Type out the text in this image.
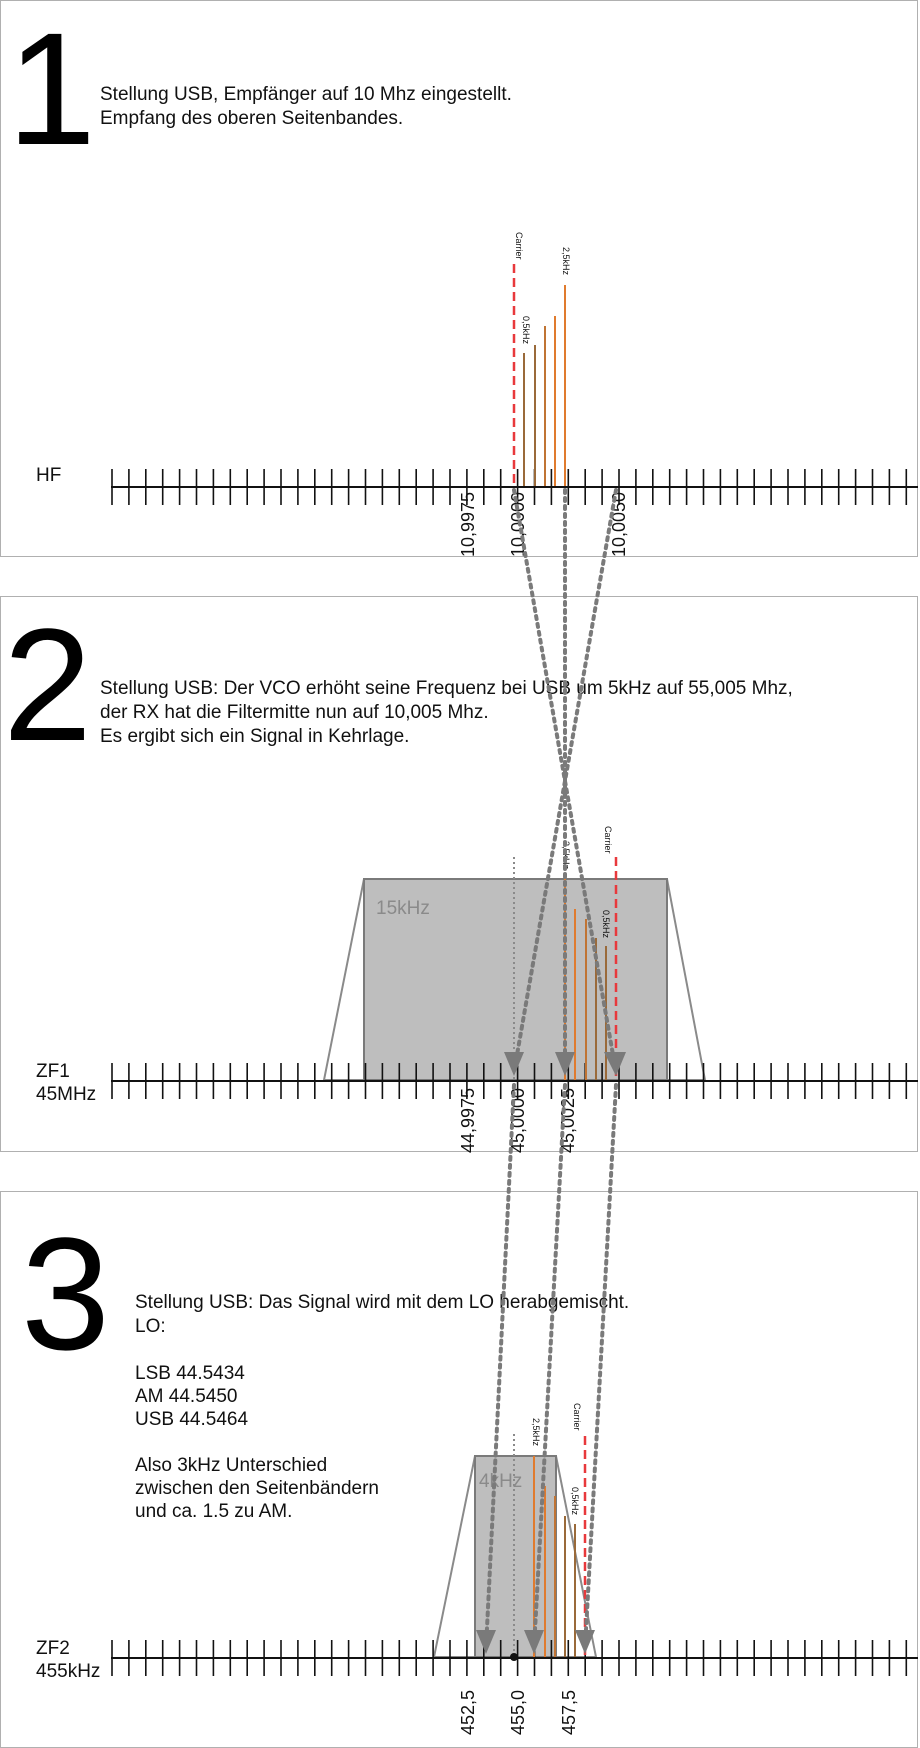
1 Stellung USB, Empfänger auf 10 Mhz eingestellt.
Empfang des oberen Seitenbandes.
HF
2 Stellung USB: Der VCO erhöht seine Frequenz bei USB um 5kHz auf 55,005 Mhz,
der RX hat die Filtermitte nun auf 10,005 Mhz.
Es ergibt sich ein Signal in Kehrlage.
ZF1
45MHz
3 Stellung USB: Das Signal wird mit dem LO herabgemischt.
LO:
LSB 44.5434
AM 44.5450
USB 44.5464
Also 3kHz Unterschied
zwischen den Seitenbändern
und ca. 1.5 zu AM.
ZF2
455kHz
15kHz
4kHz
Carrier
0,5kHz
2,5kHz
Carrier
2,5kHz
0,5kHz
Carrier
2,5kHz
0,5kHz
10,9975 10,0000	10,0050
44,9975 45,0000 45,0025
452,5 455,0 457,5
